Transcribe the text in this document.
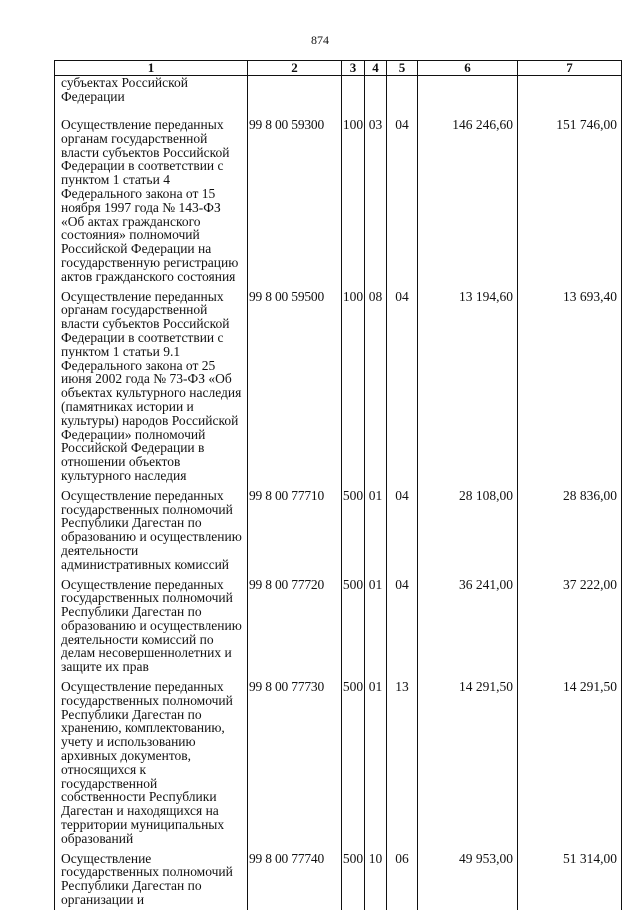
874
1	2	3	4	5	6	7

субъектах Российской Федерации						

Осуществление переданных органам государственной власти субъектов Российской Федерации в соответствии с пунктом 1 статьи 4 Федерального закона от 15 ноября 1997 года № 143-ФЗ «Об актах гражданского состояния» полномочий Российской Федерации на государственную регистрацию актов гражданского состояния	99 8 00 59300	100	03	04	146 246,60	151 746,00

Осуществление переданных органам государственной власти субъектов Российской Федерации в соответствии с пунктом 1 статьи 9.1 Федерального закона от 25 июня 2002 года № 73-ФЗ «Об объектах культурного наследия (памятниках истории и культуры) народов Российской Федерации» полномочий Российской Федерации в отношении объектов культурного наследия	99 8 00 59500	100	08	04	13 194,60	13 693,40

Осуществление переданных государственных полномочий Республики Дагестан по образованию и осуществлению деятельности административных комиссий	99 8 00 77710	500	01	04	28 108,00	28 836,00

Осуществление переданных государственных полномочий Республики Дагестан по образованию и осуществлению деятельности комиссий по делам несовершеннолетних и защите их прав	99 8 00 77720	500	01	04	36 241,00	37 222,00

Осуществление переданных государственных полномочий Республики Дагестан по хранению, комплектованию, учету и использованию архивных документов, относящихся к государственной собственности Республики Дагестан и находящихся на территории муниципальных образований	99 8 00 77730	500	01	13	14 291,50	14 291,50

Осуществление государственных полномочий Республики Дагестан по организации и	99 8 00 77740	500	10	06	49 953,00	51 314,00
